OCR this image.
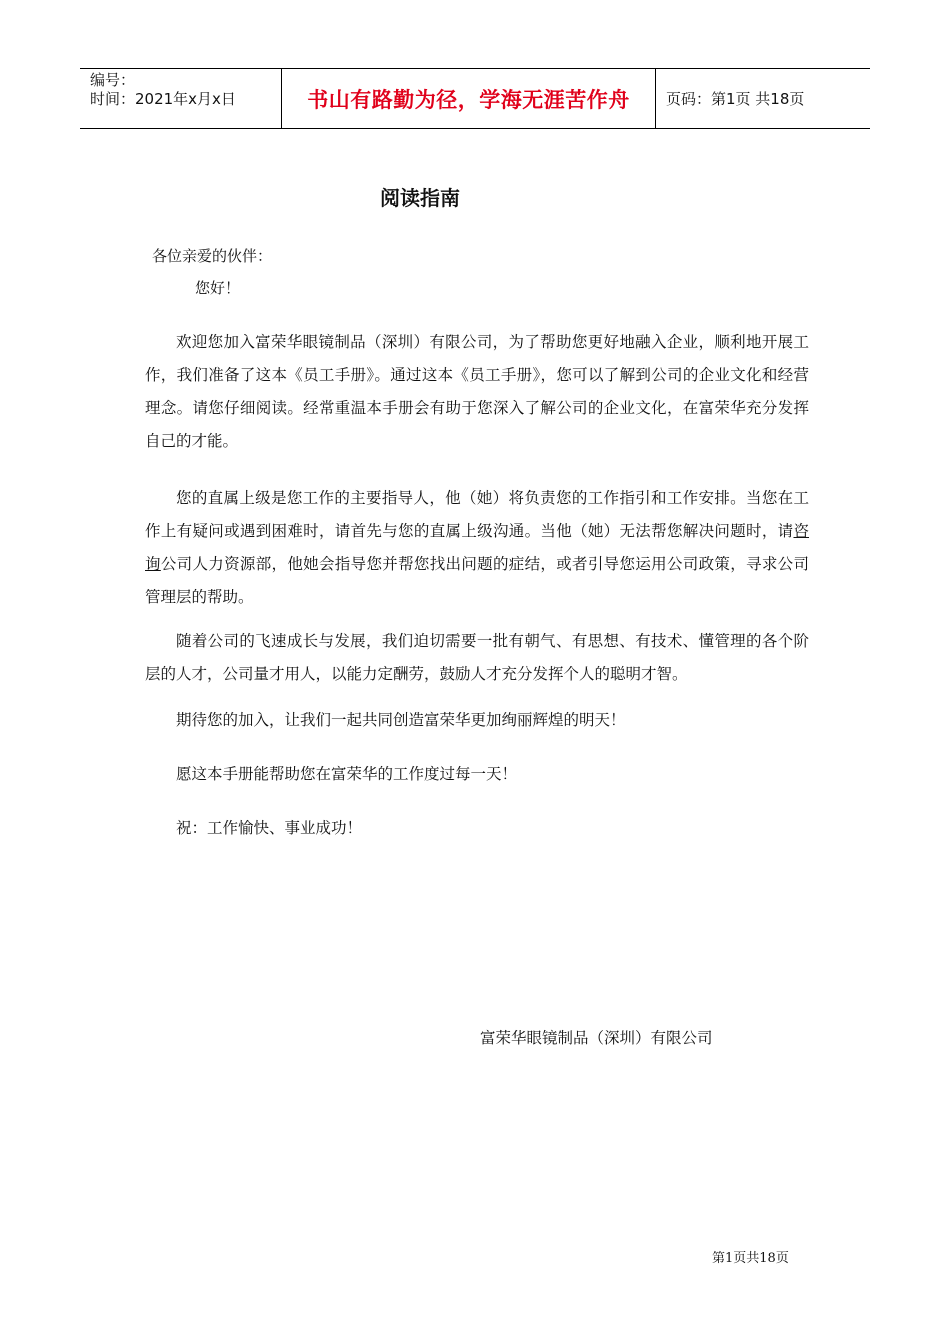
编号：
时间：2021年x月x日	书山有路勤为径，学海无涯苦作舟	页码：第1页 共18页
阅读指南
各位亲爱的伙伴：
您好！

欢迎您加入富荣华眼镜制品（深圳）有限公司，为了帮助您更好地融入企业，顺利地开展工作，我们准备了这本《员工手册》。通过这本《员工手册》，您可以了解到公司的企业文化和经营理念。请您仔细阅读。经常重温本手册会有助于您深入了解公司的企业文化，在富荣华充分发挥自己的才能。

您的直属上级是您工作的主要指导人，他（她）将负责您的工作指引和工作安排。当您在工作上有疑问或遇到困难时，请首先与您的直属上级沟通。当他（她）无法帮您解决问题时，请咨询公司人力资源部，他她会指导您并帮您找出问题的症结，或者引导您运用公司政策，寻求公司管理层的帮助。

随着公司的飞速成长与发展，我们迫切需要一批有朝气、有思想、有技术、懂管理的各个阶层的人才，公司量才用人，以能力定酬劳，鼓励人才充分发挥个人的聪明才智。

期待您的加入，让我们一起共同创造富荣华更加绚丽辉煌的明天！

愿这本手册能帮助您在富荣华的工作度过每一天！

祝：工作愉快、事业成功！

富荣华眼镜制品（深圳）有限公司
第1页共18页
